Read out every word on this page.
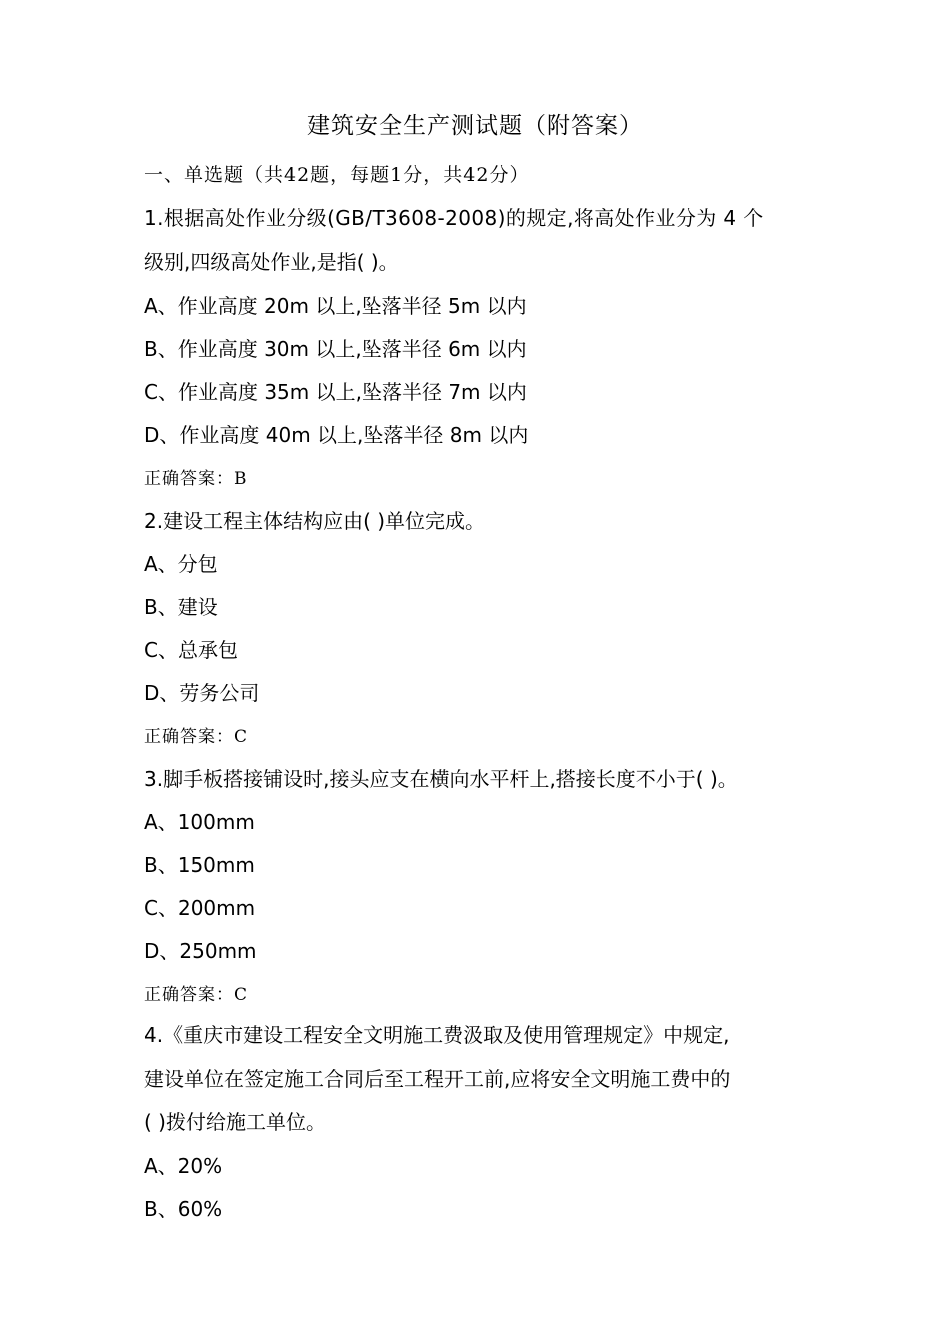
建筑安全生产测试题（附答案）
一、单选题（共42题，每题1分，共42分）
1.根据高处作业分级(GB/T3608-2008)的规定,将高处作业分为 4 个
级别,四级高处作业,是指( )。
A、作业高度 20m 以上,坠落半径 5m 以内
B、作业高度 30m 以上,坠落半径 6m 以内
C、作业高度 35m 以上,坠落半径 7m 以内
D、作业高度 40m 以上,坠落半径 8m 以内
正确答案：B
2.建设工程主体结构应由( )单位完成。
A、分包
B、建设
C、总承包
D、劳务公司
正确答案：C
3.脚手板搭接铺设时,接头应支在横向水平杆上,搭接长度不小于( )。
A、100mm
B、150mm
C、200mm
D、250mm
正确答案：C
4.《重庆市建设工程安全文明施工费汲取及使用管理规定》中规定,
建设单位在签定施工合同后至工程开工前,应将安全文明施工费中的
( )拨付给施工单位。
A、20%
B、60%
